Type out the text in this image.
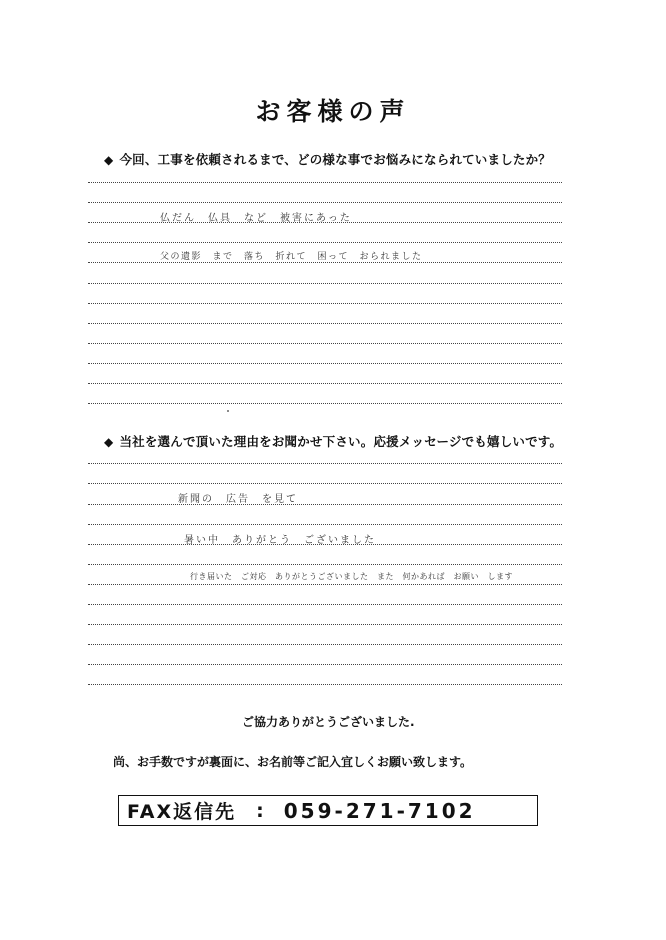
お客様の声
◆ 今回、工事を依頼されるまで、どの様な事でお悩みになられていましたか？
仏だん　仏具　など　被害にあった
父の遺影　まで　落ち　折れて　困って　おられました
◆ 当社を選んで頂いた理由をお聞かせ下さい。応援メッセージでも嬉しいです。
新聞の　広告　を見て
暑い中　ありがとう　ございました
行き届いた　ご対応　ありがとうございました　また　何かあれば　お願い　します
ご協力ありがとうございました.
尚、お手数ですが裏面に、お名前等ご記入宜しくお願い致します。
FAX返信先 : 059-271-7102
